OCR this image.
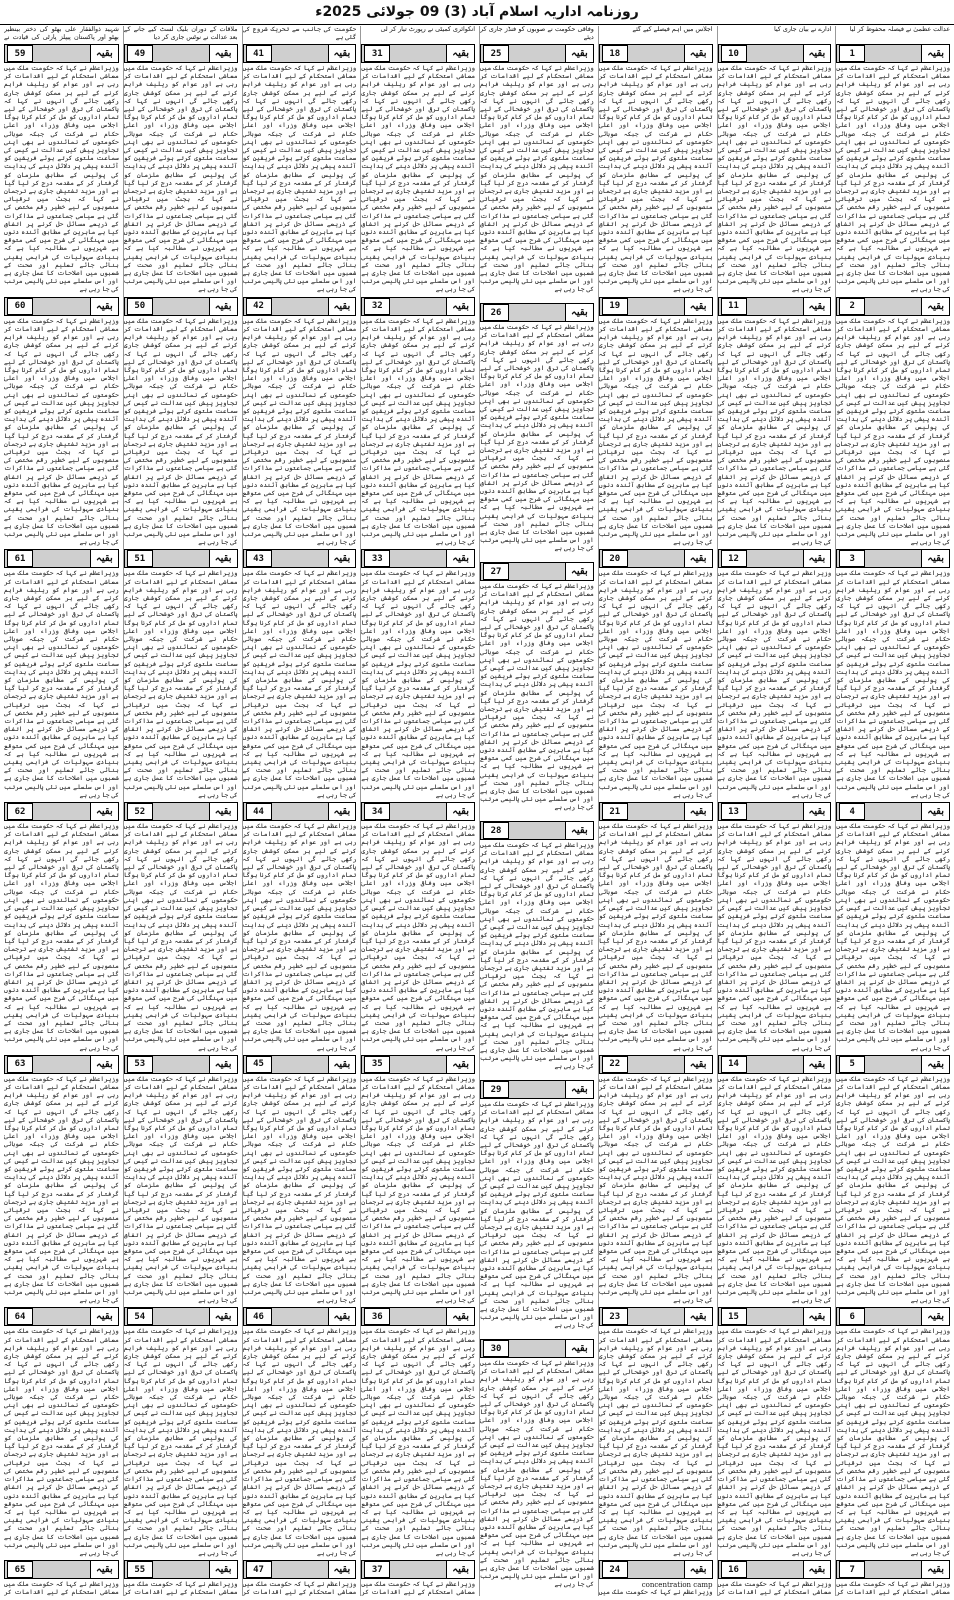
روزنامہ اداریہ اسلام آباد (3) 09 جولائی 2025ء
عدالت عظمیٰ نے فیصلہ محفوظ کر لیا
بقیہ
1
وزیراعظم نے کہا کہ حکومت ملک میں معاشی استحکام کے لیے اقدامات کر رہی ہے اور عوام کو ریلیف فراہم کرنے کے لیے ہر ممکن کوشش جاری رکھی جائے گی انہوں نے کہا کہ پاکستان کی ترقی اور خوشحالی کے لیے تمام اداروں کو مل کر کام کرنا ہوگا اجلاس میں وفاقی وزراء اور اعلیٰ حکام نے شرکت کی جبکہ صوبائی حکومتوں کے نمائندوں نے بھی اپنی تجاویز پیش کیں عدالت نے کیس کی سماعت ملتوی کرتے ہوئے فریقین کو آئندہ پیشی پر دلائل دینے کی ہدایت کی پولیس کے مطابق ملزمان کو گرفتار کر کے مقدمہ درج کر لیا گیا ہے اور مزید تفتیش جاری ہے ترجمان نے کہا کہ بجٹ میں ترقیاتی منصوبوں کے لیے خطیر رقم مختص کی گئی ہے سیاسی جماعتوں نے مذاکرات کے ذریعے مسائل حل کرنے پر اتفاق کیا ہے ماہرین کے مطابق آئندہ دنوں میں مہنگائی کی شرح میں کمی متوقع ہے شہریوں نے مطالبہ کیا ہے کہ بنیادی سہولیات کی فراہمی یقینی بنائی جائے تعلیم اور صحت کے شعبوں میں اصلاحات کا عمل جاری ہے اور اس سلسلے میں نئی پالیسی مرتب کی جا رہی ہے
بقیہ
2
وزیراعظم نے کہا کہ حکومت ملک میں معاشی استحکام کے لیے اقدامات کر رہی ہے اور عوام کو ریلیف فراہم کرنے کے لیے ہر ممکن کوشش جاری رکھی جائے گی انہوں نے کہا کہ پاکستان کی ترقی اور خوشحالی کے لیے تمام اداروں کو مل کر کام کرنا ہوگا اجلاس میں وفاقی وزراء اور اعلیٰ حکام نے شرکت کی جبکہ صوبائی حکومتوں کے نمائندوں نے بھی اپنی تجاویز پیش کیں عدالت نے کیس کی سماعت ملتوی کرتے ہوئے فریقین کو آئندہ پیشی پر دلائل دینے کی ہدایت کی پولیس کے مطابق ملزمان کو گرفتار کر کے مقدمہ درج کر لیا گیا ہے اور مزید تفتیش جاری ہے ترجمان نے کہا کہ بجٹ میں ترقیاتی منصوبوں کے لیے خطیر رقم مختص کی گئی ہے سیاسی جماعتوں نے مذاکرات کے ذریعے مسائل حل کرنے پر اتفاق کیا ہے ماہرین کے مطابق آئندہ دنوں میں مہنگائی کی شرح میں کمی متوقع ہے شہریوں نے مطالبہ کیا ہے کہ بنیادی سہولیات کی فراہمی یقینی بنائی جائے تعلیم اور صحت کے شعبوں میں اصلاحات کا عمل جاری ہے اور اس سلسلے میں نئی پالیسی مرتب کی جا رہی ہے
بقیہ
3
وزیراعظم نے کہا کہ حکومت ملک میں معاشی استحکام کے لیے اقدامات کر رہی ہے اور عوام کو ریلیف فراہم کرنے کے لیے ہر ممکن کوشش جاری رکھی جائے گی انہوں نے کہا کہ پاکستان کی ترقی اور خوشحالی کے لیے تمام اداروں کو مل کر کام کرنا ہوگا اجلاس میں وفاقی وزراء اور اعلیٰ حکام نے شرکت کی جبکہ صوبائی حکومتوں کے نمائندوں نے بھی اپنی تجاویز پیش کیں عدالت نے کیس کی سماعت ملتوی کرتے ہوئے فریقین کو آئندہ پیشی پر دلائل دینے کی ہدایت کی پولیس کے مطابق ملزمان کو گرفتار کر کے مقدمہ درج کر لیا گیا ہے اور مزید تفتیش جاری ہے ترجمان نے کہا کہ بجٹ میں ترقیاتی منصوبوں کے لیے خطیر رقم مختص کی گئی ہے سیاسی جماعتوں نے مذاکرات کے ذریعے مسائل حل کرنے پر اتفاق کیا ہے ماہرین کے مطابق آئندہ دنوں میں مہنگائی کی شرح میں کمی متوقع ہے شہریوں نے مطالبہ کیا ہے کہ بنیادی سہولیات کی فراہمی یقینی بنائی جائے تعلیم اور صحت کے شعبوں میں اصلاحات کا عمل جاری ہے اور اس سلسلے میں نئی پالیسی مرتب کی جا رہی ہے
بقیہ
4
وزیراعظم نے کہا کہ حکومت ملک میں معاشی استحکام کے لیے اقدامات کر رہی ہے اور عوام کو ریلیف فراہم کرنے کے لیے ہر ممکن کوشش جاری رکھی جائے گی انہوں نے کہا کہ پاکستان کی ترقی اور خوشحالی کے لیے تمام اداروں کو مل کر کام کرنا ہوگا اجلاس میں وفاقی وزراء اور اعلیٰ حکام نے شرکت کی جبکہ صوبائی حکومتوں کے نمائندوں نے بھی اپنی تجاویز پیش کیں عدالت نے کیس کی سماعت ملتوی کرتے ہوئے فریقین کو آئندہ پیشی پر دلائل دینے کی ہدایت کی پولیس کے مطابق ملزمان کو گرفتار کر کے مقدمہ درج کر لیا گیا ہے اور مزید تفتیش جاری ہے ترجمان نے کہا کہ بجٹ میں ترقیاتی منصوبوں کے لیے خطیر رقم مختص کی گئی ہے سیاسی جماعتوں نے مذاکرات کے ذریعے مسائل حل کرنے پر اتفاق کیا ہے ماہرین کے مطابق آئندہ دنوں میں مہنگائی کی شرح میں کمی متوقع ہے شہریوں نے مطالبہ کیا ہے کہ بنیادی سہولیات کی فراہمی یقینی بنائی جائے تعلیم اور صحت کے شعبوں میں اصلاحات کا عمل جاری ہے اور اس سلسلے میں نئی پالیسی مرتب کی جا رہی ہے
بقیہ
5
وزیراعظم نے کہا کہ حکومت ملک میں معاشی استحکام کے لیے اقدامات کر رہی ہے اور عوام کو ریلیف فراہم کرنے کے لیے ہر ممکن کوشش جاری رکھی جائے گی انہوں نے کہا کہ پاکستان کی ترقی اور خوشحالی کے لیے تمام اداروں کو مل کر کام کرنا ہوگا اجلاس میں وفاقی وزراء اور اعلیٰ حکام نے شرکت کی جبکہ صوبائی حکومتوں کے نمائندوں نے بھی اپنی تجاویز پیش کیں عدالت نے کیس کی سماعت ملتوی کرتے ہوئے فریقین کو آئندہ پیشی پر دلائل دینے کی ہدایت کی پولیس کے مطابق ملزمان کو گرفتار کر کے مقدمہ درج کر لیا گیا ہے اور مزید تفتیش جاری ہے ترجمان نے کہا کہ بجٹ میں ترقیاتی منصوبوں کے لیے خطیر رقم مختص کی گئی ہے سیاسی جماعتوں نے مذاکرات کے ذریعے مسائل حل کرنے پر اتفاق کیا ہے ماہرین کے مطابق آئندہ دنوں میں مہنگائی کی شرح میں کمی متوقع ہے شہریوں نے مطالبہ کیا ہے کہ بنیادی سہولیات کی فراہمی یقینی بنائی جائے تعلیم اور صحت کے شعبوں میں اصلاحات کا عمل جاری ہے اور اس سلسلے میں نئی پالیسی مرتب کی جا رہی ہے
بقیہ
6
وزیراعظم نے کہا کہ حکومت ملک میں معاشی استحکام کے لیے اقدامات کر رہی ہے اور عوام کو ریلیف فراہم کرنے کے لیے ہر ممکن کوشش جاری رکھی جائے گی انہوں نے کہا کہ پاکستان کی ترقی اور خوشحالی کے لیے تمام اداروں کو مل کر کام کرنا ہوگا اجلاس میں وفاقی وزراء اور اعلیٰ حکام نے شرکت کی جبکہ صوبائی حکومتوں کے نمائندوں نے بھی اپنی تجاویز پیش کیں عدالت نے کیس کی سماعت ملتوی کرتے ہوئے فریقین کو آئندہ پیشی پر دلائل دینے کی ہدایت کی پولیس کے مطابق ملزمان کو گرفتار کر کے مقدمہ درج کر لیا گیا ہے اور مزید تفتیش جاری ہے ترجمان نے کہا کہ بجٹ میں ترقیاتی منصوبوں کے لیے خطیر رقم مختص کی گئی ہے سیاسی جماعتوں نے مذاکرات کے ذریعے مسائل حل کرنے پر اتفاق کیا ہے ماہرین کے مطابق آئندہ دنوں میں مہنگائی کی شرح میں کمی متوقع ہے شہریوں نے مطالبہ کیا ہے کہ بنیادی سہولیات کی فراہمی یقینی بنائی جائے تعلیم اور صحت کے شعبوں میں اصلاحات کا عمل جاری ہے اور اس سلسلے میں نئی پالیسی مرتب کی جا رہی ہے
بقیہ
7
وزیراعظم نے کہا کہ حکومت ملک میں معاشی استحکام کے لیے اقدامات کر
ادارے نے بیان جاری کیا
بقیہ
10
وزیراعظم نے کہا کہ حکومت ملک میں معاشی استحکام کے لیے اقدامات کر رہی ہے اور عوام کو ریلیف فراہم کرنے کے لیے ہر ممکن کوشش جاری رکھی جائے گی انہوں نے کہا کہ پاکستان کی ترقی اور خوشحالی کے لیے تمام اداروں کو مل کر کام کرنا ہوگا اجلاس میں وفاقی وزراء اور اعلیٰ حکام نے شرکت کی جبکہ صوبائی حکومتوں کے نمائندوں نے بھی اپنی تجاویز پیش کیں عدالت نے کیس کی سماعت ملتوی کرتے ہوئے فریقین کو آئندہ پیشی پر دلائل دینے کی ہدایت کی پولیس کے مطابق ملزمان کو گرفتار کر کے مقدمہ درج کر لیا گیا ہے اور مزید تفتیش جاری ہے ترجمان نے کہا کہ بجٹ میں ترقیاتی منصوبوں کے لیے خطیر رقم مختص کی گئی ہے سیاسی جماعتوں نے مذاکرات کے ذریعے مسائل حل کرنے پر اتفاق کیا ہے ماہرین کے مطابق آئندہ دنوں میں مہنگائی کی شرح میں کمی متوقع ہے شہریوں نے مطالبہ کیا ہے کہ بنیادی سہولیات کی فراہمی یقینی بنائی جائے تعلیم اور صحت کے شعبوں میں اصلاحات کا عمل جاری ہے اور اس سلسلے میں نئی پالیسی مرتب کی جا رہی ہے
بقیہ
11
وزیراعظم نے کہا کہ حکومت ملک میں معاشی استحکام کے لیے اقدامات کر رہی ہے اور عوام کو ریلیف فراہم کرنے کے لیے ہر ممکن کوشش جاری رکھی جائے گی انہوں نے کہا کہ پاکستان کی ترقی اور خوشحالی کے لیے تمام اداروں کو مل کر کام کرنا ہوگا اجلاس میں وفاقی وزراء اور اعلیٰ حکام نے شرکت کی جبکہ صوبائی حکومتوں کے نمائندوں نے بھی اپنی تجاویز پیش کیں عدالت نے کیس کی سماعت ملتوی کرتے ہوئے فریقین کو آئندہ پیشی پر دلائل دینے کی ہدایت کی پولیس کے مطابق ملزمان کو گرفتار کر کے مقدمہ درج کر لیا گیا ہے اور مزید تفتیش جاری ہے ترجمان نے کہا کہ بجٹ میں ترقیاتی منصوبوں کے لیے خطیر رقم مختص کی گئی ہے سیاسی جماعتوں نے مذاکرات کے ذریعے مسائل حل کرنے پر اتفاق کیا ہے ماہرین کے مطابق آئندہ دنوں میں مہنگائی کی شرح میں کمی متوقع ہے شہریوں نے مطالبہ کیا ہے کہ بنیادی سہولیات کی فراہمی یقینی بنائی جائے تعلیم اور صحت کے شعبوں میں اصلاحات کا عمل جاری ہے اور اس سلسلے میں نئی پالیسی مرتب کی جا رہی ہے
بقیہ
12
وزیراعظم نے کہا کہ حکومت ملک میں معاشی استحکام کے لیے اقدامات کر رہی ہے اور عوام کو ریلیف فراہم کرنے کے لیے ہر ممکن کوشش جاری رکھی جائے گی انہوں نے کہا کہ پاکستان کی ترقی اور خوشحالی کے لیے تمام اداروں کو مل کر کام کرنا ہوگا اجلاس میں وفاقی وزراء اور اعلیٰ حکام نے شرکت کی جبکہ صوبائی حکومتوں کے نمائندوں نے بھی اپنی تجاویز پیش کیں عدالت نے کیس کی سماعت ملتوی کرتے ہوئے فریقین کو آئندہ پیشی پر دلائل دینے کی ہدایت کی پولیس کے مطابق ملزمان کو گرفتار کر کے مقدمہ درج کر لیا گیا ہے اور مزید تفتیش جاری ہے ترجمان نے کہا کہ بجٹ میں ترقیاتی منصوبوں کے لیے خطیر رقم مختص کی گئی ہے سیاسی جماعتوں نے مذاکرات کے ذریعے مسائل حل کرنے پر اتفاق کیا ہے ماہرین کے مطابق آئندہ دنوں میں مہنگائی کی شرح میں کمی متوقع ہے شہریوں نے مطالبہ کیا ہے کہ بنیادی سہولیات کی فراہمی یقینی بنائی جائے تعلیم اور صحت کے شعبوں میں اصلاحات کا عمل جاری ہے اور اس سلسلے میں نئی پالیسی مرتب کی جا رہی ہے
بقیہ
13
وزیراعظم نے کہا کہ حکومت ملک میں معاشی استحکام کے لیے اقدامات کر رہی ہے اور عوام کو ریلیف فراہم کرنے کے لیے ہر ممکن کوشش جاری رکھی جائے گی انہوں نے کہا کہ پاکستان کی ترقی اور خوشحالی کے لیے تمام اداروں کو مل کر کام کرنا ہوگا اجلاس میں وفاقی وزراء اور اعلیٰ حکام نے شرکت کی جبکہ صوبائی حکومتوں کے نمائندوں نے بھی اپنی تجاویز پیش کیں عدالت نے کیس کی سماعت ملتوی کرتے ہوئے فریقین کو آئندہ پیشی پر دلائل دینے کی ہدایت کی پولیس کے مطابق ملزمان کو گرفتار کر کے مقدمہ درج کر لیا گیا ہے اور مزید تفتیش جاری ہے ترجمان نے کہا کہ بجٹ میں ترقیاتی منصوبوں کے لیے خطیر رقم مختص کی گئی ہے سیاسی جماعتوں نے مذاکرات کے ذریعے مسائل حل کرنے پر اتفاق کیا ہے ماہرین کے مطابق آئندہ دنوں میں مہنگائی کی شرح میں کمی متوقع ہے شہریوں نے مطالبہ کیا ہے کہ بنیادی سہولیات کی فراہمی یقینی بنائی جائے تعلیم اور صحت کے شعبوں میں اصلاحات کا عمل جاری ہے اور اس سلسلے میں نئی پالیسی مرتب کی جا رہی ہے
بقیہ
14
وزیراعظم نے کہا کہ حکومت ملک میں معاشی استحکام کے لیے اقدامات کر رہی ہے اور عوام کو ریلیف فراہم کرنے کے لیے ہر ممکن کوشش جاری رکھی جائے گی انہوں نے کہا کہ پاکستان کی ترقی اور خوشحالی کے لیے تمام اداروں کو مل کر کام کرنا ہوگا اجلاس میں وفاقی وزراء اور اعلیٰ حکام نے شرکت کی جبکہ صوبائی حکومتوں کے نمائندوں نے بھی اپنی تجاویز پیش کیں عدالت نے کیس کی سماعت ملتوی کرتے ہوئے فریقین کو آئندہ پیشی پر دلائل دینے کی ہدایت کی پولیس کے مطابق ملزمان کو گرفتار کر کے مقدمہ درج کر لیا گیا ہے اور مزید تفتیش جاری ہے ترجمان نے کہا کہ بجٹ میں ترقیاتی منصوبوں کے لیے خطیر رقم مختص کی گئی ہے سیاسی جماعتوں نے مذاکرات کے ذریعے مسائل حل کرنے پر اتفاق کیا ہے ماہرین کے مطابق آئندہ دنوں میں مہنگائی کی شرح میں کمی متوقع ہے شہریوں نے مطالبہ کیا ہے کہ بنیادی سہولیات کی فراہمی یقینی بنائی جائے تعلیم اور صحت کے شعبوں میں اصلاحات کا عمل جاری ہے اور اس سلسلے میں نئی پالیسی مرتب کی جا رہی ہے
بقیہ
15
وزیراعظم نے کہا کہ حکومت ملک میں معاشی استحکام کے لیے اقدامات کر رہی ہے اور عوام کو ریلیف فراہم کرنے کے لیے ہر ممکن کوشش جاری رکھی جائے گی انہوں نے کہا کہ پاکستان کی ترقی اور خوشحالی کے لیے تمام اداروں کو مل کر کام کرنا ہوگا اجلاس میں وفاقی وزراء اور اعلیٰ حکام نے شرکت کی جبکہ صوبائی حکومتوں کے نمائندوں نے بھی اپنی تجاویز پیش کیں عدالت نے کیس کی سماعت ملتوی کرتے ہوئے فریقین کو آئندہ پیشی پر دلائل دینے کی ہدایت کی پولیس کے مطابق ملزمان کو گرفتار کر کے مقدمہ درج کر لیا گیا ہے اور مزید تفتیش جاری ہے ترجمان نے کہا کہ بجٹ میں ترقیاتی منصوبوں کے لیے خطیر رقم مختص کی گئی ہے سیاسی جماعتوں نے مذاکرات کے ذریعے مسائل حل کرنے پر اتفاق کیا ہے ماہرین کے مطابق آئندہ دنوں میں مہنگائی کی شرح میں کمی متوقع ہے شہریوں نے مطالبہ کیا ہے کہ بنیادی سہولیات کی فراہمی یقینی بنائی جائے تعلیم اور صحت کے شعبوں میں اصلاحات کا عمل جاری ہے اور اس سلسلے میں نئی پالیسی مرتب کی جا رہی ہے
بقیہ
16
وزیراعظم نے کہا کہ حکومت ملک میں معاشی استحکام کے لیے اقدامات کر
اجلاس میں اہم فیصلے کیے گئے
بقیہ
18
وزیراعظم نے کہا کہ حکومت ملک میں معاشی استحکام کے لیے اقدامات کر رہی ہے اور عوام کو ریلیف فراہم کرنے کے لیے ہر ممکن کوشش جاری رکھی جائے گی انہوں نے کہا کہ پاکستان کی ترقی اور خوشحالی کے لیے تمام اداروں کو مل کر کام کرنا ہوگا اجلاس میں وفاقی وزراء اور اعلیٰ حکام نے شرکت کی جبکہ صوبائی حکومتوں کے نمائندوں نے بھی اپنی تجاویز پیش کیں عدالت نے کیس کی سماعت ملتوی کرتے ہوئے فریقین کو آئندہ پیشی پر دلائل دینے کی ہدایت کی پولیس کے مطابق ملزمان کو گرفتار کر کے مقدمہ درج کر لیا گیا ہے اور مزید تفتیش جاری ہے ترجمان نے کہا کہ بجٹ میں ترقیاتی منصوبوں کے لیے خطیر رقم مختص کی گئی ہے سیاسی جماعتوں نے مذاکرات کے ذریعے مسائل حل کرنے پر اتفاق کیا ہے ماہرین کے مطابق آئندہ دنوں میں مہنگائی کی شرح میں کمی متوقع ہے شہریوں نے مطالبہ کیا ہے کہ بنیادی سہولیات کی فراہمی یقینی بنائی جائے تعلیم اور صحت کے شعبوں میں اصلاحات کا عمل جاری ہے اور اس سلسلے میں نئی پالیسی مرتب کی جا رہی ہے
بقیہ
19
وزیراعظم نے کہا کہ حکومت ملک میں معاشی استحکام کے لیے اقدامات کر رہی ہے اور عوام کو ریلیف فراہم کرنے کے لیے ہر ممکن کوشش جاری رکھی جائے گی انہوں نے کہا کہ پاکستان کی ترقی اور خوشحالی کے لیے تمام اداروں کو مل کر کام کرنا ہوگا اجلاس میں وفاقی وزراء اور اعلیٰ حکام نے شرکت کی جبکہ صوبائی حکومتوں کے نمائندوں نے بھی اپنی تجاویز پیش کیں عدالت نے کیس کی سماعت ملتوی کرتے ہوئے فریقین کو آئندہ پیشی پر دلائل دینے کی ہدایت کی پولیس کے مطابق ملزمان کو گرفتار کر کے مقدمہ درج کر لیا گیا ہے اور مزید تفتیش جاری ہے ترجمان نے کہا کہ بجٹ میں ترقیاتی منصوبوں کے لیے خطیر رقم مختص کی گئی ہے سیاسی جماعتوں نے مذاکرات کے ذریعے مسائل حل کرنے پر اتفاق کیا ہے ماہرین کے مطابق آئندہ دنوں میں مہنگائی کی شرح میں کمی متوقع ہے شہریوں نے مطالبہ کیا ہے کہ بنیادی سہولیات کی فراہمی یقینی بنائی جائے تعلیم اور صحت کے شعبوں میں اصلاحات کا عمل جاری ہے اور اس سلسلے میں نئی پالیسی مرتب کی جا رہی ہے
بقیہ
20
وزیراعظم نے کہا کہ حکومت ملک میں معاشی استحکام کے لیے اقدامات کر رہی ہے اور عوام کو ریلیف فراہم کرنے کے لیے ہر ممکن کوشش جاری رکھی جائے گی انہوں نے کہا کہ پاکستان کی ترقی اور خوشحالی کے لیے تمام اداروں کو مل کر کام کرنا ہوگا اجلاس میں وفاقی وزراء اور اعلیٰ حکام نے شرکت کی جبکہ صوبائی حکومتوں کے نمائندوں نے بھی اپنی تجاویز پیش کیں عدالت نے کیس کی سماعت ملتوی کرتے ہوئے فریقین کو آئندہ پیشی پر دلائل دینے کی ہدایت کی پولیس کے مطابق ملزمان کو گرفتار کر کے مقدمہ درج کر لیا گیا ہے اور مزید تفتیش جاری ہے ترجمان نے کہا کہ بجٹ میں ترقیاتی منصوبوں کے لیے خطیر رقم مختص کی گئی ہے سیاسی جماعتوں نے مذاکرات کے ذریعے مسائل حل کرنے پر اتفاق کیا ہے ماہرین کے مطابق آئندہ دنوں میں مہنگائی کی شرح میں کمی متوقع ہے شہریوں نے مطالبہ کیا ہے کہ بنیادی سہولیات کی فراہمی یقینی بنائی جائے تعلیم اور صحت کے شعبوں میں اصلاحات کا عمل جاری ہے اور اس سلسلے میں نئی پالیسی مرتب کی جا رہی ہے
بقیہ
21
وزیراعظم نے کہا کہ حکومت ملک میں معاشی استحکام کے لیے اقدامات کر رہی ہے اور عوام کو ریلیف فراہم کرنے کے لیے ہر ممکن کوشش جاری رکھی جائے گی انہوں نے کہا کہ پاکستان کی ترقی اور خوشحالی کے لیے تمام اداروں کو مل کر کام کرنا ہوگا اجلاس میں وفاقی وزراء اور اعلیٰ حکام نے شرکت کی جبکہ صوبائی حکومتوں کے نمائندوں نے بھی اپنی تجاویز پیش کیں عدالت نے کیس کی سماعت ملتوی کرتے ہوئے فریقین کو آئندہ پیشی پر دلائل دینے کی ہدایت کی پولیس کے مطابق ملزمان کو گرفتار کر کے مقدمہ درج کر لیا گیا ہے اور مزید تفتیش جاری ہے ترجمان نے کہا کہ بجٹ میں ترقیاتی منصوبوں کے لیے خطیر رقم مختص کی گئی ہے سیاسی جماعتوں نے مذاکرات کے ذریعے مسائل حل کرنے پر اتفاق کیا ہے ماہرین کے مطابق آئندہ دنوں میں مہنگائی کی شرح میں کمی متوقع ہے شہریوں نے مطالبہ کیا ہے کہ بنیادی سہولیات کی فراہمی یقینی بنائی جائے تعلیم اور صحت کے شعبوں میں اصلاحات کا عمل جاری ہے اور اس سلسلے میں نئی پالیسی مرتب کی جا رہی ہے
بقیہ
22
وزیراعظم نے کہا کہ حکومت ملک میں معاشی استحکام کے لیے اقدامات کر رہی ہے اور عوام کو ریلیف فراہم کرنے کے لیے ہر ممکن کوشش جاری رکھی جائے گی انہوں نے کہا کہ پاکستان کی ترقی اور خوشحالی کے لیے تمام اداروں کو مل کر کام کرنا ہوگا اجلاس میں وفاقی وزراء اور اعلیٰ حکام نے شرکت کی جبکہ صوبائی حکومتوں کے نمائندوں نے بھی اپنی تجاویز پیش کیں عدالت نے کیس کی سماعت ملتوی کرتے ہوئے فریقین کو آئندہ پیشی پر دلائل دینے کی ہدایت کی پولیس کے مطابق ملزمان کو گرفتار کر کے مقدمہ درج کر لیا گیا ہے اور مزید تفتیش جاری ہے ترجمان نے کہا کہ بجٹ میں ترقیاتی منصوبوں کے لیے خطیر رقم مختص کی گئی ہے سیاسی جماعتوں نے مذاکرات کے ذریعے مسائل حل کرنے پر اتفاق کیا ہے ماہرین کے مطابق آئندہ دنوں میں مہنگائی کی شرح میں کمی متوقع ہے شہریوں نے مطالبہ کیا ہے کہ بنیادی سہولیات کی فراہمی یقینی بنائی جائے تعلیم اور صحت کے شعبوں میں اصلاحات کا عمل جاری ہے اور اس سلسلے میں نئی پالیسی مرتب کی جا رہی ہے
بقیہ
23
وزیراعظم نے کہا کہ حکومت ملک میں معاشی استحکام کے لیے اقدامات کر رہی ہے اور عوام کو ریلیف فراہم کرنے کے لیے ہر ممکن کوشش جاری رکھی جائے گی انہوں نے کہا کہ پاکستان کی ترقی اور خوشحالی کے لیے تمام اداروں کو مل کر کام کرنا ہوگا اجلاس میں وفاقی وزراء اور اعلیٰ حکام نے شرکت کی جبکہ صوبائی حکومتوں کے نمائندوں نے بھی اپنی تجاویز پیش کیں عدالت نے کیس کی سماعت ملتوی کرتے ہوئے فریقین کو آئندہ پیشی پر دلائل دینے کی ہدایت کی پولیس کے مطابق ملزمان کو گرفتار کر کے مقدمہ درج کر لیا گیا ہے اور مزید تفتیش جاری ہے ترجمان نے کہا کہ بجٹ میں ترقیاتی منصوبوں کے لیے خطیر رقم مختص کی گئی ہے سیاسی جماعتوں نے مذاکرات کے ذریعے مسائل حل کرنے پر اتفاق کیا ہے ماہرین کے مطابق آئندہ دنوں میں مہنگائی کی شرح میں کمی متوقع ہے شہریوں نے مطالبہ کیا ہے کہ بنیادی سہولیات کی فراہمی یقینی بنائی جائے تعلیم اور صحت کے شعبوں میں اصلاحات کا عمل جاری ہے اور اس سلسلے میں نئی پالیسی مرتب کی جا رہی ہے
بقیہ
24
concentration camp
وزیراعظم نے کہا کہ حکومت ملک میں
وفاقی حکومت نے صوبوں کو فنڈز جاری کر دیئے
بقیہ
25
وزیراعظم نے کہا کہ حکومت ملک میں معاشی استحکام کے لیے اقدامات کر رہی ہے اور عوام کو ریلیف فراہم کرنے کے لیے ہر ممکن کوشش جاری رکھی جائے گی انہوں نے کہا کہ پاکستان کی ترقی اور خوشحالی کے لیے تمام اداروں کو مل کر کام کرنا ہوگا اجلاس میں وفاقی وزراء اور اعلیٰ حکام نے شرکت کی جبکہ صوبائی حکومتوں کے نمائندوں نے بھی اپنی تجاویز پیش کیں عدالت نے کیس کی سماعت ملتوی کرتے ہوئے فریقین کو آئندہ پیشی پر دلائل دینے کی ہدایت کی پولیس کے مطابق ملزمان کو گرفتار کر کے مقدمہ درج کر لیا گیا ہے اور مزید تفتیش جاری ہے ترجمان نے کہا کہ بجٹ میں ترقیاتی منصوبوں کے لیے خطیر رقم مختص کی گئی ہے سیاسی جماعتوں نے مذاکرات کے ذریعے مسائل حل کرنے پر اتفاق کیا ہے ماہرین کے مطابق آئندہ دنوں میں مہنگائی کی شرح میں کمی متوقع ہے شہریوں نے مطالبہ کیا ہے کہ بنیادی سہولیات کی فراہمی یقینی بنائی جائے تعلیم اور صحت کے شعبوں میں اصلاحات کا عمل جاری ہے اور اس سلسلے میں نئی پالیسی مرتب کی جا رہی ہے
بقیہ
26
وزیراعظم نے کہا کہ حکومت ملک میں معاشی استحکام کے لیے اقدامات کر رہی ہے اور عوام کو ریلیف فراہم کرنے کے لیے ہر ممکن کوشش جاری رکھی جائے گی انہوں نے کہا کہ پاکستان کی ترقی اور خوشحالی کے لیے تمام اداروں کو مل کر کام کرنا ہوگا اجلاس میں وفاقی وزراء اور اعلیٰ حکام نے شرکت کی جبکہ صوبائی حکومتوں کے نمائندوں نے بھی اپنی تجاویز پیش کیں عدالت نے کیس کی سماعت ملتوی کرتے ہوئے فریقین کو آئندہ پیشی پر دلائل دینے کی ہدایت کی پولیس کے مطابق ملزمان کو گرفتار کر کے مقدمہ درج کر لیا گیا ہے اور مزید تفتیش جاری ہے ترجمان نے کہا کہ بجٹ میں ترقیاتی منصوبوں کے لیے خطیر رقم مختص کی گئی ہے سیاسی جماعتوں نے مذاکرات کے ذریعے مسائل حل کرنے پر اتفاق کیا ہے ماہرین کے مطابق آئندہ دنوں میں مہنگائی کی شرح میں کمی متوقع ہے شہریوں نے مطالبہ کیا ہے کہ بنیادی سہولیات کی فراہمی یقینی بنائی جائے تعلیم اور صحت کے شعبوں میں اصلاحات کا عمل جاری ہے اور اس سلسلے میں نئی پالیسی مرتب کی جا رہی ہے
بقیہ
27
وزیراعظم نے کہا کہ حکومت ملک میں معاشی استحکام کے لیے اقدامات کر رہی ہے اور عوام کو ریلیف فراہم کرنے کے لیے ہر ممکن کوشش جاری رکھی جائے گی انہوں نے کہا کہ پاکستان کی ترقی اور خوشحالی کے لیے تمام اداروں کو مل کر کام کرنا ہوگا اجلاس میں وفاقی وزراء اور اعلیٰ حکام نے شرکت کی جبکہ صوبائی حکومتوں کے نمائندوں نے بھی اپنی تجاویز پیش کیں عدالت نے کیس کی سماعت ملتوی کرتے ہوئے فریقین کو آئندہ پیشی پر دلائل دینے کی ہدایت کی پولیس کے مطابق ملزمان کو گرفتار کر کے مقدمہ درج کر لیا گیا ہے اور مزید تفتیش جاری ہے ترجمان نے کہا کہ بجٹ میں ترقیاتی منصوبوں کے لیے خطیر رقم مختص کی گئی ہے سیاسی جماعتوں نے مذاکرات کے ذریعے مسائل حل کرنے پر اتفاق کیا ہے ماہرین کے مطابق آئندہ دنوں میں مہنگائی کی شرح میں کمی متوقع ہے شہریوں نے مطالبہ کیا ہے کہ بنیادی سہولیات کی فراہمی یقینی بنائی جائے تعلیم اور صحت کے شعبوں میں اصلاحات کا عمل جاری ہے اور اس سلسلے میں نئی پالیسی مرتب کی جا رہی ہے
بقیہ
28
وزیراعظم نے کہا کہ حکومت ملک میں معاشی استحکام کے لیے اقدامات کر رہی ہے اور عوام کو ریلیف فراہم کرنے کے لیے ہر ممکن کوشش جاری رکھی جائے گی انہوں نے کہا کہ پاکستان کی ترقی اور خوشحالی کے لیے تمام اداروں کو مل کر کام کرنا ہوگا اجلاس میں وفاقی وزراء اور اعلیٰ حکام نے شرکت کی جبکہ صوبائی حکومتوں کے نمائندوں نے بھی اپنی تجاویز پیش کیں عدالت نے کیس کی سماعت ملتوی کرتے ہوئے فریقین کو آئندہ پیشی پر دلائل دینے کی ہدایت کی پولیس کے مطابق ملزمان کو گرفتار کر کے مقدمہ درج کر لیا گیا ہے اور مزید تفتیش جاری ہے ترجمان نے کہا کہ بجٹ میں ترقیاتی منصوبوں کے لیے خطیر رقم مختص کی گئی ہے سیاسی جماعتوں نے مذاکرات کے ذریعے مسائل حل کرنے پر اتفاق کیا ہے ماہرین کے مطابق آئندہ دنوں میں مہنگائی کی شرح میں کمی متوقع ہے شہریوں نے مطالبہ کیا ہے کہ بنیادی سہولیات کی فراہمی یقینی بنائی جائے تعلیم اور صحت کے شعبوں میں اصلاحات کا عمل جاری ہے اور اس سلسلے میں نئی پالیسی مرتب کی جا رہی ہے
بقیہ
29
وزیراعظم نے کہا کہ حکومت ملک میں معاشی استحکام کے لیے اقدامات کر رہی ہے اور عوام کو ریلیف فراہم کرنے کے لیے ہر ممکن کوشش جاری رکھی جائے گی انہوں نے کہا کہ پاکستان کی ترقی اور خوشحالی کے لیے تمام اداروں کو مل کر کام کرنا ہوگا اجلاس میں وفاقی وزراء اور اعلیٰ حکام نے شرکت کی جبکہ صوبائی حکومتوں کے نمائندوں نے بھی اپنی تجاویز پیش کیں عدالت نے کیس کی سماعت ملتوی کرتے ہوئے فریقین کو آئندہ پیشی پر دلائل دینے کی ہدایت کی پولیس کے مطابق ملزمان کو گرفتار کر کے مقدمہ درج کر لیا گیا ہے اور مزید تفتیش جاری ہے ترجمان نے کہا کہ بجٹ میں ترقیاتی منصوبوں کے لیے خطیر رقم مختص کی گئی ہے سیاسی جماعتوں نے مذاکرات کے ذریعے مسائل حل کرنے پر اتفاق کیا ہے ماہرین کے مطابق آئندہ دنوں میں مہنگائی کی شرح میں کمی متوقع ہے شہریوں نے مطالبہ کیا ہے کہ بنیادی سہولیات کی فراہمی یقینی بنائی جائے تعلیم اور صحت کے شعبوں میں اصلاحات کا عمل جاری ہے اور اس سلسلے میں نئی پالیسی مرتب کی جا رہی ہے
بقیہ
30
وزیراعظم نے کہا کہ حکومت ملک میں معاشی استحکام کے لیے اقدامات کر رہی ہے اور عوام کو ریلیف فراہم کرنے کے لیے ہر ممکن کوشش جاری رکھی جائے گی انہوں نے کہا کہ پاکستان کی ترقی اور خوشحالی کے لیے تمام اداروں کو مل کر کام کرنا ہوگا اجلاس میں وفاقی وزراء اور اعلیٰ حکام نے شرکت کی جبکہ صوبائی حکومتوں کے نمائندوں نے بھی اپنی تجاویز پیش کیں عدالت نے کیس کی سماعت ملتوی کرتے ہوئے فریقین کو آئندہ پیشی پر دلائل دینے کی ہدایت کی پولیس کے مطابق ملزمان کو گرفتار کر کے مقدمہ درج کر لیا گیا ہے اور مزید تفتیش جاری ہے ترجمان نے کہا کہ بجٹ میں ترقیاتی منصوبوں کے لیے خطیر رقم مختص کی گئی ہے سیاسی جماعتوں نے مذاکرات کے ذریعے مسائل حل کرنے پر اتفاق کیا ہے ماہرین کے مطابق آئندہ دنوں میں مہنگائی کی شرح میں کمی متوقع ہے شہریوں نے مطالبہ کیا ہے کہ بنیادی سہولیات کی فراہمی یقینی بنائی جائے تعلیم اور صحت کے شعبوں میں اصلاحات کا عمل جاری ہے اور اس سلسلے میں نئی پالیسی مرتب کی جا رہی ہے
انکوائری کمیٹی نے رپورٹ تیار کر لی
بقیہ
31
وزیراعظم نے کہا کہ حکومت ملک میں معاشی استحکام کے لیے اقدامات کر رہی ہے اور عوام کو ریلیف فراہم کرنے کے لیے ہر ممکن کوشش جاری رکھی جائے گی انہوں نے کہا کہ پاکستان کی ترقی اور خوشحالی کے لیے تمام اداروں کو مل کر کام کرنا ہوگا اجلاس میں وفاقی وزراء اور اعلیٰ حکام نے شرکت کی جبکہ صوبائی حکومتوں کے نمائندوں نے بھی اپنی تجاویز پیش کیں عدالت نے کیس کی سماعت ملتوی کرتے ہوئے فریقین کو آئندہ پیشی پر دلائل دینے کی ہدایت کی پولیس کے مطابق ملزمان کو گرفتار کر کے مقدمہ درج کر لیا گیا ہے اور مزید تفتیش جاری ہے ترجمان نے کہا کہ بجٹ میں ترقیاتی منصوبوں کے لیے خطیر رقم مختص کی گئی ہے سیاسی جماعتوں نے مذاکرات کے ذریعے مسائل حل کرنے پر اتفاق کیا ہے ماہرین کے مطابق آئندہ دنوں میں مہنگائی کی شرح میں کمی متوقع ہے شہریوں نے مطالبہ کیا ہے کہ بنیادی سہولیات کی فراہمی یقینی بنائی جائے تعلیم اور صحت کے شعبوں میں اصلاحات کا عمل جاری ہے اور اس سلسلے میں نئی پالیسی مرتب کی جا رہی ہے
بقیہ
32
وزیراعظم نے کہا کہ حکومت ملک میں معاشی استحکام کے لیے اقدامات کر رہی ہے اور عوام کو ریلیف فراہم کرنے کے لیے ہر ممکن کوشش جاری رکھی جائے گی انہوں نے کہا کہ پاکستان کی ترقی اور خوشحالی کے لیے تمام اداروں کو مل کر کام کرنا ہوگا اجلاس میں وفاقی وزراء اور اعلیٰ حکام نے شرکت کی جبکہ صوبائی حکومتوں کے نمائندوں نے بھی اپنی تجاویز پیش کیں عدالت نے کیس کی سماعت ملتوی کرتے ہوئے فریقین کو آئندہ پیشی پر دلائل دینے کی ہدایت کی پولیس کے مطابق ملزمان کو گرفتار کر کے مقدمہ درج کر لیا گیا ہے اور مزید تفتیش جاری ہے ترجمان نے کہا کہ بجٹ میں ترقیاتی منصوبوں کے لیے خطیر رقم مختص کی گئی ہے سیاسی جماعتوں نے مذاکرات کے ذریعے مسائل حل کرنے پر اتفاق کیا ہے ماہرین کے مطابق آئندہ دنوں میں مہنگائی کی شرح میں کمی متوقع ہے شہریوں نے مطالبہ کیا ہے کہ بنیادی سہولیات کی فراہمی یقینی بنائی جائے تعلیم اور صحت کے شعبوں میں اصلاحات کا عمل جاری ہے اور اس سلسلے میں نئی پالیسی مرتب کی جا رہی ہے
بقیہ
33
وزیراعظم نے کہا کہ حکومت ملک میں معاشی استحکام کے لیے اقدامات کر رہی ہے اور عوام کو ریلیف فراہم کرنے کے لیے ہر ممکن کوشش جاری رکھی جائے گی انہوں نے کہا کہ پاکستان کی ترقی اور خوشحالی کے لیے تمام اداروں کو مل کر کام کرنا ہوگا اجلاس میں وفاقی وزراء اور اعلیٰ حکام نے شرکت کی جبکہ صوبائی حکومتوں کے نمائندوں نے بھی اپنی تجاویز پیش کیں عدالت نے کیس کی سماعت ملتوی کرتے ہوئے فریقین کو آئندہ پیشی پر دلائل دینے کی ہدایت کی پولیس کے مطابق ملزمان کو گرفتار کر کے مقدمہ درج کر لیا گیا ہے اور مزید تفتیش جاری ہے ترجمان نے کہا کہ بجٹ میں ترقیاتی منصوبوں کے لیے خطیر رقم مختص کی گئی ہے سیاسی جماعتوں نے مذاکرات کے ذریعے مسائل حل کرنے پر اتفاق کیا ہے ماہرین کے مطابق آئندہ دنوں میں مہنگائی کی شرح میں کمی متوقع ہے شہریوں نے مطالبہ کیا ہے کہ بنیادی سہولیات کی فراہمی یقینی بنائی جائے تعلیم اور صحت کے شعبوں میں اصلاحات کا عمل جاری ہے اور اس سلسلے میں نئی پالیسی مرتب کی جا رہی ہے
بقیہ
34
وزیراعظم نے کہا کہ حکومت ملک میں معاشی استحکام کے لیے اقدامات کر رہی ہے اور عوام کو ریلیف فراہم کرنے کے لیے ہر ممکن کوشش جاری رکھی جائے گی انہوں نے کہا کہ پاکستان کی ترقی اور خوشحالی کے لیے تمام اداروں کو مل کر کام کرنا ہوگا اجلاس میں وفاقی وزراء اور اعلیٰ حکام نے شرکت کی جبکہ صوبائی حکومتوں کے نمائندوں نے بھی اپنی تجاویز پیش کیں عدالت نے کیس کی سماعت ملتوی کرتے ہوئے فریقین کو آئندہ پیشی پر دلائل دینے کی ہدایت کی پولیس کے مطابق ملزمان کو گرفتار کر کے مقدمہ درج کر لیا گیا ہے اور مزید تفتیش جاری ہے ترجمان نے کہا کہ بجٹ میں ترقیاتی منصوبوں کے لیے خطیر رقم مختص کی گئی ہے سیاسی جماعتوں نے مذاکرات کے ذریعے مسائل حل کرنے پر اتفاق کیا ہے ماہرین کے مطابق آئندہ دنوں میں مہنگائی کی شرح میں کمی متوقع ہے شہریوں نے مطالبہ کیا ہے کہ بنیادی سہولیات کی فراہمی یقینی بنائی جائے تعلیم اور صحت کے شعبوں میں اصلاحات کا عمل جاری ہے اور اس سلسلے میں نئی پالیسی مرتب کی جا رہی ہے
بقیہ
35
وزیراعظم نے کہا کہ حکومت ملک میں معاشی استحکام کے لیے اقدامات کر رہی ہے اور عوام کو ریلیف فراہم کرنے کے لیے ہر ممکن کوشش جاری رکھی جائے گی انہوں نے کہا کہ پاکستان کی ترقی اور خوشحالی کے لیے تمام اداروں کو مل کر کام کرنا ہوگا اجلاس میں وفاقی وزراء اور اعلیٰ حکام نے شرکت کی جبکہ صوبائی حکومتوں کے نمائندوں نے بھی اپنی تجاویز پیش کیں عدالت نے کیس کی سماعت ملتوی کرتے ہوئے فریقین کو آئندہ پیشی پر دلائل دینے کی ہدایت کی پولیس کے مطابق ملزمان کو گرفتار کر کے مقدمہ درج کر لیا گیا ہے اور مزید تفتیش جاری ہے ترجمان نے کہا کہ بجٹ میں ترقیاتی منصوبوں کے لیے خطیر رقم مختص کی گئی ہے سیاسی جماعتوں نے مذاکرات کے ذریعے مسائل حل کرنے پر اتفاق کیا ہے ماہرین کے مطابق آئندہ دنوں میں مہنگائی کی شرح میں کمی متوقع ہے شہریوں نے مطالبہ کیا ہے کہ بنیادی سہولیات کی فراہمی یقینی بنائی جائے تعلیم اور صحت کے شعبوں میں اصلاحات کا عمل جاری ہے اور اس سلسلے میں نئی پالیسی مرتب کی جا رہی ہے
بقیہ
36
وزیراعظم نے کہا کہ حکومت ملک میں معاشی استحکام کے لیے اقدامات کر رہی ہے اور عوام کو ریلیف فراہم کرنے کے لیے ہر ممکن کوشش جاری رکھی جائے گی انہوں نے کہا کہ پاکستان کی ترقی اور خوشحالی کے لیے تمام اداروں کو مل کر کام کرنا ہوگا اجلاس میں وفاقی وزراء اور اعلیٰ حکام نے شرکت کی جبکہ صوبائی حکومتوں کے نمائندوں نے بھی اپنی تجاویز پیش کیں عدالت نے کیس کی سماعت ملتوی کرتے ہوئے فریقین کو آئندہ پیشی پر دلائل دینے کی ہدایت کی پولیس کے مطابق ملزمان کو گرفتار کر کے مقدمہ درج کر لیا گیا ہے اور مزید تفتیش جاری ہے ترجمان نے کہا کہ بجٹ میں ترقیاتی منصوبوں کے لیے خطیر رقم مختص کی گئی ہے سیاسی جماعتوں نے مذاکرات کے ذریعے مسائل حل کرنے پر اتفاق کیا ہے ماہرین کے مطابق آئندہ دنوں میں مہنگائی کی شرح میں کمی متوقع ہے شہریوں نے مطالبہ کیا ہے کہ بنیادی سہولیات کی فراہمی یقینی بنائی جائے تعلیم اور صحت کے شعبوں میں اصلاحات کا عمل جاری ہے اور اس سلسلے میں نئی پالیسی مرتب کی جا رہی ہے
بقیہ
37
وزیراعظم نے کہا کہ حکومت ملک میں معاشی استحکام کے لیے اقدامات کر
حکومت کی جانب سے تحریک شروع کی گئی ہے
بقیہ
41
وزیراعظم نے کہا کہ حکومت ملک میں معاشی استحکام کے لیے اقدامات کر رہی ہے اور عوام کو ریلیف فراہم کرنے کے لیے ہر ممکن کوشش جاری رکھی جائے گی انہوں نے کہا کہ پاکستان کی ترقی اور خوشحالی کے لیے تمام اداروں کو مل کر کام کرنا ہوگا اجلاس میں وفاقی وزراء اور اعلیٰ حکام نے شرکت کی جبکہ صوبائی حکومتوں کے نمائندوں نے بھی اپنی تجاویز پیش کیں عدالت نے کیس کی سماعت ملتوی کرتے ہوئے فریقین کو آئندہ پیشی پر دلائل دینے کی ہدایت کی پولیس کے مطابق ملزمان کو گرفتار کر کے مقدمہ درج کر لیا گیا ہے اور مزید تفتیش جاری ہے ترجمان نے کہا کہ بجٹ میں ترقیاتی منصوبوں کے لیے خطیر رقم مختص کی گئی ہے سیاسی جماعتوں نے مذاکرات کے ذریعے مسائل حل کرنے پر اتفاق کیا ہے ماہرین کے مطابق آئندہ دنوں میں مہنگائی کی شرح میں کمی متوقع ہے شہریوں نے مطالبہ کیا ہے کہ بنیادی سہولیات کی فراہمی یقینی بنائی جائے تعلیم اور صحت کے شعبوں میں اصلاحات کا عمل جاری ہے اور اس سلسلے میں نئی پالیسی مرتب کی جا رہی ہے
بقیہ
42
وزیراعظم نے کہا کہ حکومت ملک میں معاشی استحکام کے لیے اقدامات کر رہی ہے اور عوام کو ریلیف فراہم کرنے کے لیے ہر ممکن کوشش جاری رکھی جائے گی انہوں نے کہا کہ پاکستان کی ترقی اور خوشحالی کے لیے تمام اداروں کو مل کر کام کرنا ہوگا اجلاس میں وفاقی وزراء اور اعلیٰ حکام نے شرکت کی جبکہ صوبائی حکومتوں کے نمائندوں نے بھی اپنی تجاویز پیش کیں عدالت نے کیس کی سماعت ملتوی کرتے ہوئے فریقین کو آئندہ پیشی پر دلائل دینے کی ہدایت کی پولیس کے مطابق ملزمان کو گرفتار کر کے مقدمہ درج کر لیا گیا ہے اور مزید تفتیش جاری ہے ترجمان نے کہا کہ بجٹ میں ترقیاتی منصوبوں کے لیے خطیر رقم مختص کی گئی ہے سیاسی جماعتوں نے مذاکرات کے ذریعے مسائل حل کرنے پر اتفاق کیا ہے ماہرین کے مطابق آئندہ دنوں میں مہنگائی کی شرح میں کمی متوقع ہے شہریوں نے مطالبہ کیا ہے کہ بنیادی سہولیات کی فراہمی یقینی بنائی جائے تعلیم اور صحت کے شعبوں میں اصلاحات کا عمل جاری ہے اور اس سلسلے میں نئی پالیسی مرتب کی جا رہی ہے
بقیہ
43
وزیراعظم نے کہا کہ حکومت ملک میں معاشی استحکام کے لیے اقدامات کر رہی ہے اور عوام کو ریلیف فراہم کرنے کے لیے ہر ممکن کوشش جاری رکھی جائے گی انہوں نے کہا کہ پاکستان کی ترقی اور خوشحالی کے لیے تمام اداروں کو مل کر کام کرنا ہوگا اجلاس میں وفاقی وزراء اور اعلیٰ حکام نے شرکت کی جبکہ صوبائی حکومتوں کے نمائندوں نے بھی اپنی تجاویز پیش کیں عدالت نے کیس کی سماعت ملتوی کرتے ہوئے فریقین کو آئندہ پیشی پر دلائل دینے کی ہدایت کی پولیس کے مطابق ملزمان کو گرفتار کر کے مقدمہ درج کر لیا گیا ہے اور مزید تفتیش جاری ہے ترجمان نے کہا کہ بجٹ میں ترقیاتی منصوبوں کے لیے خطیر رقم مختص کی گئی ہے سیاسی جماعتوں نے مذاکرات کے ذریعے مسائل حل کرنے پر اتفاق کیا ہے ماہرین کے مطابق آئندہ دنوں میں مہنگائی کی شرح میں کمی متوقع ہے شہریوں نے مطالبہ کیا ہے کہ بنیادی سہولیات کی فراہمی یقینی بنائی جائے تعلیم اور صحت کے شعبوں میں اصلاحات کا عمل جاری ہے اور اس سلسلے میں نئی پالیسی مرتب کی جا رہی ہے
بقیہ
44
وزیراعظم نے کہا کہ حکومت ملک میں معاشی استحکام کے لیے اقدامات کر رہی ہے اور عوام کو ریلیف فراہم کرنے کے لیے ہر ممکن کوشش جاری رکھی جائے گی انہوں نے کہا کہ پاکستان کی ترقی اور خوشحالی کے لیے تمام اداروں کو مل کر کام کرنا ہوگا اجلاس میں وفاقی وزراء اور اعلیٰ حکام نے شرکت کی جبکہ صوبائی حکومتوں کے نمائندوں نے بھی اپنی تجاویز پیش کیں عدالت نے کیس کی سماعت ملتوی کرتے ہوئے فریقین کو آئندہ پیشی پر دلائل دینے کی ہدایت کی پولیس کے مطابق ملزمان کو گرفتار کر کے مقدمہ درج کر لیا گیا ہے اور مزید تفتیش جاری ہے ترجمان نے کہا کہ بجٹ میں ترقیاتی منصوبوں کے لیے خطیر رقم مختص کی گئی ہے سیاسی جماعتوں نے مذاکرات کے ذریعے مسائل حل کرنے پر اتفاق کیا ہے ماہرین کے مطابق آئندہ دنوں میں مہنگائی کی شرح میں کمی متوقع ہے شہریوں نے مطالبہ کیا ہے کہ بنیادی سہولیات کی فراہمی یقینی بنائی جائے تعلیم اور صحت کے شعبوں میں اصلاحات کا عمل جاری ہے اور اس سلسلے میں نئی پالیسی مرتب کی جا رہی ہے
بقیہ
45
وزیراعظم نے کہا کہ حکومت ملک میں معاشی استحکام کے لیے اقدامات کر رہی ہے اور عوام کو ریلیف فراہم کرنے کے لیے ہر ممکن کوشش جاری رکھی جائے گی انہوں نے کہا کہ پاکستان کی ترقی اور خوشحالی کے لیے تمام اداروں کو مل کر کام کرنا ہوگا اجلاس میں وفاقی وزراء اور اعلیٰ حکام نے شرکت کی جبکہ صوبائی حکومتوں کے نمائندوں نے بھی اپنی تجاویز پیش کیں عدالت نے کیس کی سماعت ملتوی کرتے ہوئے فریقین کو آئندہ پیشی پر دلائل دینے کی ہدایت کی پولیس کے مطابق ملزمان کو گرفتار کر کے مقدمہ درج کر لیا گیا ہے اور مزید تفتیش جاری ہے ترجمان نے کہا کہ بجٹ میں ترقیاتی منصوبوں کے لیے خطیر رقم مختص کی گئی ہے سیاسی جماعتوں نے مذاکرات کے ذریعے مسائل حل کرنے پر اتفاق کیا ہے ماہرین کے مطابق آئندہ دنوں میں مہنگائی کی شرح میں کمی متوقع ہے شہریوں نے مطالبہ کیا ہے کہ بنیادی سہولیات کی فراہمی یقینی بنائی جائے تعلیم اور صحت کے شعبوں میں اصلاحات کا عمل جاری ہے اور اس سلسلے میں نئی پالیسی مرتب کی جا رہی ہے
بقیہ
46
وزیراعظم نے کہا کہ حکومت ملک میں معاشی استحکام کے لیے اقدامات کر رہی ہے اور عوام کو ریلیف فراہم کرنے کے لیے ہر ممکن کوشش جاری رکھی جائے گی انہوں نے کہا کہ پاکستان کی ترقی اور خوشحالی کے لیے تمام اداروں کو مل کر کام کرنا ہوگا اجلاس میں وفاقی وزراء اور اعلیٰ حکام نے شرکت کی جبکہ صوبائی حکومتوں کے نمائندوں نے بھی اپنی تجاویز پیش کیں عدالت نے کیس کی سماعت ملتوی کرتے ہوئے فریقین کو آئندہ پیشی پر دلائل دینے کی ہدایت کی پولیس کے مطابق ملزمان کو گرفتار کر کے مقدمہ درج کر لیا گیا ہے اور مزید تفتیش جاری ہے ترجمان نے کہا کہ بجٹ میں ترقیاتی منصوبوں کے لیے خطیر رقم مختص کی گئی ہے سیاسی جماعتوں نے مذاکرات کے ذریعے مسائل حل کرنے پر اتفاق کیا ہے ماہرین کے مطابق آئندہ دنوں میں مہنگائی کی شرح میں کمی متوقع ہے شہریوں نے مطالبہ کیا ہے کہ بنیادی سہولیات کی فراہمی یقینی بنائی جائے تعلیم اور صحت کے شعبوں میں اصلاحات کا عمل جاری ہے اور اس سلسلے میں نئی پالیسی مرتب کی جا رہی ہے
بقیہ
47
وزیراعظم نے کہا کہ حکومت ملک میں معاشی استحکام کے لیے اقدامات کر
ملاقات کے دوران بلیک لسٹ کیے جانے کے بعد عدالت نے نوٹس جاری کر دیا
بقیہ
49
وزیراعظم نے کہا کہ حکومت ملک میں معاشی استحکام کے لیے اقدامات کر رہی ہے اور عوام کو ریلیف فراہم کرنے کے لیے ہر ممکن کوشش جاری رکھی جائے گی انہوں نے کہا کہ پاکستان کی ترقی اور خوشحالی کے لیے تمام اداروں کو مل کر کام کرنا ہوگا اجلاس میں وفاقی وزراء اور اعلیٰ حکام نے شرکت کی جبکہ صوبائی حکومتوں کے نمائندوں نے بھی اپنی تجاویز پیش کیں عدالت نے کیس کی سماعت ملتوی کرتے ہوئے فریقین کو آئندہ پیشی پر دلائل دینے کی ہدایت کی پولیس کے مطابق ملزمان کو گرفتار کر کے مقدمہ درج کر لیا گیا ہے اور مزید تفتیش جاری ہے ترجمان نے کہا کہ بجٹ میں ترقیاتی منصوبوں کے لیے خطیر رقم مختص کی گئی ہے سیاسی جماعتوں نے مذاکرات کے ذریعے مسائل حل کرنے پر اتفاق کیا ہے ماہرین کے مطابق آئندہ دنوں میں مہنگائی کی شرح میں کمی متوقع ہے شہریوں نے مطالبہ کیا ہے کہ بنیادی سہولیات کی فراہمی یقینی بنائی جائے تعلیم اور صحت کے شعبوں میں اصلاحات کا عمل جاری ہے اور اس سلسلے میں نئی پالیسی مرتب کی جا رہی ہے
بقیہ
50
وزیراعظم نے کہا کہ حکومت ملک میں معاشی استحکام کے لیے اقدامات کر رہی ہے اور عوام کو ریلیف فراہم کرنے کے لیے ہر ممکن کوشش جاری رکھی جائے گی انہوں نے کہا کہ پاکستان کی ترقی اور خوشحالی کے لیے تمام اداروں کو مل کر کام کرنا ہوگا اجلاس میں وفاقی وزراء اور اعلیٰ حکام نے شرکت کی جبکہ صوبائی حکومتوں کے نمائندوں نے بھی اپنی تجاویز پیش کیں عدالت نے کیس کی سماعت ملتوی کرتے ہوئے فریقین کو آئندہ پیشی پر دلائل دینے کی ہدایت کی پولیس کے مطابق ملزمان کو گرفتار کر کے مقدمہ درج کر لیا گیا ہے اور مزید تفتیش جاری ہے ترجمان نے کہا کہ بجٹ میں ترقیاتی منصوبوں کے لیے خطیر رقم مختص کی گئی ہے سیاسی جماعتوں نے مذاکرات کے ذریعے مسائل حل کرنے پر اتفاق کیا ہے ماہرین کے مطابق آئندہ دنوں میں مہنگائی کی شرح میں کمی متوقع ہے شہریوں نے مطالبہ کیا ہے کہ بنیادی سہولیات کی فراہمی یقینی بنائی جائے تعلیم اور صحت کے شعبوں میں اصلاحات کا عمل جاری ہے اور اس سلسلے میں نئی پالیسی مرتب کی جا رہی ہے
بقیہ
51
وزیراعظم نے کہا کہ حکومت ملک میں معاشی استحکام کے لیے اقدامات کر رہی ہے اور عوام کو ریلیف فراہم کرنے کے لیے ہر ممکن کوشش جاری رکھی جائے گی انہوں نے کہا کہ پاکستان کی ترقی اور خوشحالی کے لیے تمام اداروں کو مل کر کام کرنا ہوگا اجلاس میں وفاقی وزراء اور اعلیٰ حکام نے شرکت کی جبکہ صوبائی حکومتوں کے نمائندوں نے بھی اپنی تجاویز پیش کیں عدالت نے کیس کی سماعت ملتوی کرتے ہوئے فریقین کو آئندہ پیشی پر دلائل دینے کی ہدایت کی پولیس کے مطابق ملزمان کو گرفتار کر کے مقدمہ درج کر لیا گیا ہے اور مزید تفتیش جاری ہے ترجمان نے کہا کہ بجٹ میں ترقیاتی منصوبوں کے لیے خطیر رقم مختص کی گئی ہے سیاسی جماعتوں نے مذاکرات کے ذریعے مسائل حل کرنے پر اتفاق کیا ہے ماہرین کے مطابق آئندہ دنوں میں مہنگائی کی شرح میں کمی متوقع ہے شہریوں نے مطالبہ کیا ہے کہ بنیادی سہولیات کی فراہمی یقینی بنائی جائے تعلیم اور صحت کے شعبوں میں اصلاحات کا عمل جاری ہے اور اس سلسلے میں نئی پالیسی مرتب کی جا رہی ہے
بقیہ
52
وزیراعظم نے کہا کہ حکومت ملک میں معاشی استحکام کے لیے اقدامات کر رہی ہے اور عوام کو ریلیف فراہم کرنے کے لیے ہر ممکن کوشش جاری رکھی جائے گی انہوں نے کہا کہ پاکستان کی ترقی اور خوشحالی کے لیے تمام اداروں کو مل کر کام کرنا ہوگا اجلاس میں وفاقی وزراء اور اعلیٰ حکام نے شرکت کی جبکہ صوبائی حکومتوں کے نمائندوں نے بھی اپنی تجاویز پیش کیں عدالت نے کیس کی سماعت ملتوی کرتے ہوئے فریقین کو آئندہ پیشی پر دلائل دینے کی ہدایت کی پولیس کے مطابق ملزمان کو گرفتار کر کے مقدمہ درج کر لیا گیا ہے اور مزید تفتیش جاری ہے ترجمان نے کہا کہ بجٹ میں ترقیاتی منصوبوں کے لیے خطیر رقم مختص کی گئی ہے سیاسی جماعتوں نے مذاکرات کے ذریعے مسائل حل کرنے پر اتفاق کیا ہے ماہرین کے مطابق آئندہ دنوں میں مہنگائی کی شرح میں کمی متوقع ہے شہریوں نے مطالبہ کیا ہے کہ بنیادی سہولیات کی فراہمی یقینی بنائی جائے تعلیم اور صحت کے شعبوں میں اصلاحات کا عمل جاری ہے اور اس سلسلے میں نئی پالیسی مرتب کی جا رہی ہے
بقیہ
53
وزیراعظم نے کہا کہ حکومت ملک میں معاشی استحکام کے لیے اقدامات کر رہی ہے اور عوام کو ریلیف فراہم کرنے کے لیے ہر ممکن کوشش جاری رکھی جائے گی انہوں نے کہا کہ پاکستان کی ترقی اور خوشحالی کے لیے تمام اداروں کو مل کر کام کرنا ہوگا اجلاس میں وفاقی وزراء اور اعلیٰ حکام نے شرکت کی جبکہ صوبائی حکومتوں کے نمائندوں نے بھی اپنی تجاویز پیش کیں عدالت نے کیس کی سماعت ملتوی کرتے ہوئے فریقین کو آئندہ پیشی پر دلائل دینے کی ہدایت کی پولیس کے مطابق ملزمان کو گرفتار کر کے مقدمہ درج کر لیا گیا ہے اور مزید تفتیش جاری ہے ترجمان نے کہا کہ بجٹ میں ترقیاتی منصوبوں کے لیے خطیر رقم مختص کی گئی ہے سیاسی جماعتوں نے مذاکرات کے ذریعے مسائل حل کرنے پر اتفاق کیا ہے ماہرین کے مطابق آئندہ دنوں میں مہنگائی کی شرح میں کمی متوقع ہے شہریوں نے مطالبہ کیا ہے کہ بنیادی سہولیات کی فراہمی یقینی بنائی جائے تعلیم اور صحت کے شعبوں میں اصلاحات کا عمل جاری ہے اور اس سلسلے میں نئی پالیسی مرتب کی جا رہی ہے
بقیہ
54
وزیراعظم نے کہا کہ حکومت ملک میں معاشی استحکام کے لیے اقدامات کر رہی ہے اور عوام کو ریلیف فراہم کرنے کے لیے ہر ممکن کوشش جاری رکھی جائے گی انہوں نے کہا کہ پاکستان کی ترقی اور خوشحالی کے لیے تمام اداروں کو مل کر کام کرنا ہوگا اجلاس میں وفاقی وزراء اور اعلیٰ حکام نے شرکت کی جبکہ صوبائی حکومتوں کے نمائندوں نے بھی اپنی تجاویز پیش کیں عدالت نے کیس کی سماعت ملتوی کرتے ہوئے فریقین کو آئندہ پیشی پر دلائل دینے کی ہدایت کی پولیس کے مطابق ملزمان کو گرفتار کر کے مقدمہ درج کر لیا گیا ہے اور مزید تفتیش جاری ہے ترجمان نے کہا کہ بجٹ میں ترقیاتی منصوبوں کے لیے خطیر رقم مختص کی گئی ہے سیاسی جماعتوں نے مذاکرات کے ذریعے مسائل حل کرنے پر اتفاق کیا ہے ماہرین کے مطابق آئندہ دنوں میں مہنگائی کی شرح میں کمی متوقع ہے شہریوں نے مطالبہ کیا ہے کہ بنیادی سہولیات کی فراہمی یقینی بنائی جائے تعلیم اور صحت کے شعبوں میں اصلاحات کا عمل جاری ہے اور اس سلسلے میں نئی پالیسی مرتب کی جا رہی ہے
بقیہ
55
وزیراعظم نے کہا کہ حکومت ملک میں معاشی استحکام کے لیے اقدامات کر
شہید ذوالفقار علی بھٹو کی دختر بینظیر بھٹو اور پاکستان پیپلز پارٹی کی قیادت نے
بقیہ
59
وزیراعظم نے کہا کہ حکومت ملک میں معاشی استحکام کے لیے اقدامات کر رہی ہے اور عوام کو ریلیف فراہم کرنے کے لیے ہر ممکن کوشش جاری رکھی جائے گی انہوں نے کہا کہ پاکستان کی ترقی اور خوشحالی کے لیے تمام اداروں کو مل کر کام کرنا ہوگا اجلاس میں وفاقی وزراء اور اعلیٰ حکام نے شرکت کی جبکہ صوبائی حکومتوں کے نمائندوں نے بھی اپنی تجاویز پیش کیں عدالت نے کیس کی سماعت ملتوی کرتے ہوئے فریقین کو آئندہ پیشی پر دلائل دینے کی ہدایت کی پولیس کے مطابق ملزمان کو گرفتار کر کے مقدمہ درج کر لیا گیا ہے اور مزید تفتیش جاری ہے ترجمان نے کہا کہ بجٹ میں ترقیاتی منصوبوں کے لیے خطیر رقم مختص کی گئی ہے سیاسی جماعتوں نے مذاکرات کے ذریعے مسائل حل کرنے پر اتفاق کیا ہے ماہرین کے مطابق آئندہ دنوں میں مہنگائی کی شرح میں کمی متوقع ہے شہریوں نے مطالبہ کیا ہے کہ بنیادی سہولیات کی فراہمی یقینی بنائی جائے تعلیم اور صحت کے شعبوں میں اصلاحات کا عمل جاری ہے اور اس سلسلے میں نئی پالیسی مرتب کی جا رہی ہے
بقیہ
60
وزیراعظم نے کہا کہ حکومت ملک میں معاشی استحکام کے لیے اقدامات کر رہی ہے اور عوام کو ریلیف فراہم کرنے کے لیے ہر ممکن کوشش جاری رکھی جائے گی انہوں نے کہا کہ پاکستان کی ترقی اور خوشحالی کے لیے تمام اداروں کو مل کر کام کرنا ہوگا اجلاس میں وفاقی وزراء اور اعلیٰ حکام نے شرکت کی جبکہ صوبائی حکومتوں کے نمائندوں نے بھی اپنی تجاویز پیش کیں عدالت نے کیس کی سماعت ملتوی کرتے ہوئے فریقین کو آئندہ پیشی پر دلائل دینے کی ہدایت کی پولیس کے مطابق ملزمان کو گرفتار کر کے مقدمہ درج کر لیا گیا ہے اور مزید تفتیش جاری ہے ترجمان نے کہا کہ بجٹ میں ترقیاتی منصوبوں کے لیے خطیر رقم مختص کی گئی ہے سیاسی جماعتوں نے مذاکرات کے ذریعے مسائل حل کرنے پر اتفاق کیا ہے ماہرین کے مطابق آئندہ دنوں میں مہنگائی کی شرح میں کمی متوقع ہے شہریوں نے مطالبہ کیا ہے کہ بنیادی سہولیات کی فراہمی یقینی بنائی جائے تعلیم اور صحت کے شعبوں میں اصلاحات کا عمل جاری ہے اور اس سلسلے میں نئی پالیسی مرتب کی جا رہی ہے
بقیہ
61
وزیراعظم نے کہا کہ حکومت ملک میں معاشی استحکام کے لیے اقدامات کر رہی ہے اور عوام کو ریلیف فراہم کرنے کے لیے ہر ممکن کوشش جاری رکھی جائے گی انہوں نے کہا کہ پاکستان کی ترقی اور خوشحالی کے لیے تمام اداروں کو مل کر کام کرنا ہوگا اجلاس میں وفاقی وزراء اور اعلیٰ حکام نے شرکت کی جبکہ صوبائی حکومتوں کے نمائندوں نے بھی اپنی تجاویز پیش کیں عدالت نے کیس کی سماعت ملتوی کرتے ہوئے فریقین کو آئندہ پیشی پر دلائل دینے کی ہدایت کی پولیس کے مطابق ملزمان کو گرفتار کر کے مقدمہ درج کر لیا گیا ہے اور مزید تفتیش جاری ہے ترجمان نے کہا کہ بجٹ میں ترقیاتی منصوبوں کے لیے خطیر رقم مختص کی گئی ہے سیاسی جماعتوں نے مذاکرات کے ذریعے مسائل حل کرنے پر اتفاق کیا ہے ماہرین کے مطابق آئندہ دنوں میں مہنگائی کی شرح میں کمی متوقع ہے شہریوں نے مطالبہ کیا ہے کہ بنیادی سہولیات کی فراہمی یقینی بنائی جائے تعلیم اور صحت کے شعبوں میں اصلاحات کا عمل جاری ہے اور اس سلسلے میں نئی پالیسی مرتب کی جا رہی ہے
بقیہ
62
وزیراعظم نے کہا کہ حکومت ملک میں معاشی استحکام کے لیے اقدامات کر رہی ہے اور عوام کو ریلیف فراہم کرنے کے لیے ہر ممکن کوشش جاری رکھی جائے گی انہوں نے کہا کہ پاکستان کی ترقی اور خوشحالی کے لیے تمام اداروں کو مل کر کام کرنا ہوگا اجلاس میں وفاقی وزراء اور اعلیٰ حکام نے شرکت کی جبکہ صوبائی حکومتوں کے نمائندوں نے بھی اپنی تجاویز پیش کیں عدالت نے کیس کی سماعت ملتوی کرتے ہوئے فریقین کو آئندہ پیشی پر دلائل دینے کی ہدایت کی پولیس کے مطابق ملزمان کو گرفتار کر کے مقدمہ درج کر لیا گیا ہے اور مزید تفتیش جاری ہے ترجمان نے کہا کہ بجٹ میں ترقیاتی منصوبوں کے لیے خطیر رقم مختص کی گئی ہے سیاسی جماعتوں نے مذاکرات کے ذریعے مسائل حل کرنے پر اتفاق کیا ہے ماہرین کے مطابق آئندہ دنوں میں مہنگائی کی شرح میں کمی متوقع ہے شہریوں نے مطالبہ کیا ہے کہ بنیادی سہولیات کی فراہمی یقینی بنائی جائے تعلیم اور صحت کے شعبوں میں اصلاحات کا عمل جاری ہے اور اس سلسلے میں نئی پالیسی مرتب کی جا رہی ہے
بقیہ
63
وزیراعظم نے کہا کہ حکومت ملک میں معاشی استحکام کے لیے اقدامات کر رہی ہے اور عوام کو ریلیف فراہم کرنے کے لیے ہر ممکن کوشش جاری رکھی جائے گی انہوں نے کہا کہ پاکستان کی ترقی اور خوشحالی کے لیے تمام اداروں کو مل کر کام کرنا ہوگا اجلاس میں وفاقی وزراء اور اعلیٰ حکام نے شرکت کی جبکہ صوبائی حکومتوں کے نمائندوں نے بھی اپنی تجاویز پیش کیں عدالت نے کیس کی سماعت ملتوی کرتے ہوئے فریقین کو آئندہ پیشی پر دلائل دینے کی ہدایت کی پولیس کے مطابق ملزمان کو گرفتار کر کے مقدمہ درج کر لیا گیا ہے اور مزید تفتیش جاری ہے ترجمان نے کہا کہ بجٹ میں ترقیاتی منصوبوں کے لیے خطیر رقم مختص کی گئی ہے سیاسی جماعتوں نے مذاکرات کے ذریعے مسائل حل کرنے پر اتفاق کیا ہے ماہرین کے مطابق آئندہ دنوں میں مہنگائی کی شرح میں کمی متوقع ہے شہریوں نے مطالبہ کیا ہے کہ بنیادی سہولیات کی فراہمی یقینی بنائی جائے تعلیم اور صحت کے شعبوں میں اصلاحات کا عمل جاری ہے اور اس سلسلے میں نئی پالیسی مرتب کی جا رہی ہے
بقیہ
64
وزیراعظم نے کہا کہ حکومت ملک میں معاشی استحکام کے لیے اقدامات کر رہی ہے اور عوام کو ریلیف فراہم کرنے کے لیے ہر ممکن کوشش جاری رکھی جائے گی انہوں نے کہا کہ پاکستان کی ترقی اور خوشحالی کے لیے تمام اداروں کو مل کر کام کرنا ہوگا اجلاس میں وفاقی وزراء اور اعلیٰ حکام نے شرکت کی جبکہ صوبائی حکومتوں کے نمائندوں نے بھی اپنی تجاویز پیش کیں عدالت نے کیس کی سماعت ملتوی کرتے ہوئے فریقین کو آئندہ پیشی پر دلائل دینے کی ہدایت کی پولیس کے مطابق ملزمان کو گرفتار کر کے مقدمہ درج کر لیا گیا ہے اور مزید تفتیش جاری ہے ترجمان نے کہا کہ بجٹ میں ترقیاتی منصوبوں کے لیے خطیر رقم مختص کی گئی ہے سیاسی جماعتوں نے مذاکرات کے ذریعے مسائل حل کرنے پر اتفاق کیا ہے ماہرین کے مطابق آئندہ دنوں میں مہنگائی کی شرح میں کمی متوقع ہے شہریوں نے مطالبہ کیا ہے کہ بنیادی سہولیات کی فراہمی یقینی بنائی جائے تعلیم اور صحت کے شعبوں میں اصلاحات کا عمل جاری ہے اور اس سلسلے میں نئی پالیسی مرتب کی جا رہی ہے
بقیہ
65
وزیراعظم نے کہا کہ حکومت ملک میں معاشی استحکام کے لیے اقدامات کر
